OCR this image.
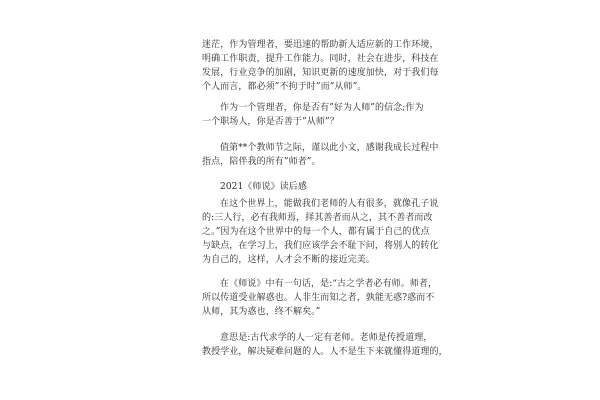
迷茫，作为管理者，要迅速的帮助新人适应新的工作环境，
明确工作职责，提升工作能力。同时，社会在进步，科技在
发展，行业竞争的加剧，知识更新的速度加快，对于我们每
个人而言，都必须”不拘于时”而”从师”。
作为一个管理者，你是否有”好为人师”的信念;作为
一个职场人，你是否善于”从师”？
值第**个教师节之际，谨以此小文，感谢我成长过程中
指点，陪伴我的所有”师者”。
2021《师说》读后感
在这个世界上，能做我们老师的人有很多，就像孔子说
的:三人行，必有我师焉，择其善者而从之，其不善者而改
之。”因为在这个世界中的每一个人，都有属于自己的优点
与缺点，在学习上，我们应该学会不耻下问，将别人的转化
为自己的，这样，人才会不断的接近完美。
在《师说》中有一句话，是:“古之学者必有师。师者，
所以传道受业解惑也。人非生而知之者，孰能无惑?惑而不
从师，其为惑也，终不解矣。”
意思是:古代求学的人一定有老师。老师是传授道理，
教授学业，解决疑难问题的人。人不是生下来就懂得道理的，
